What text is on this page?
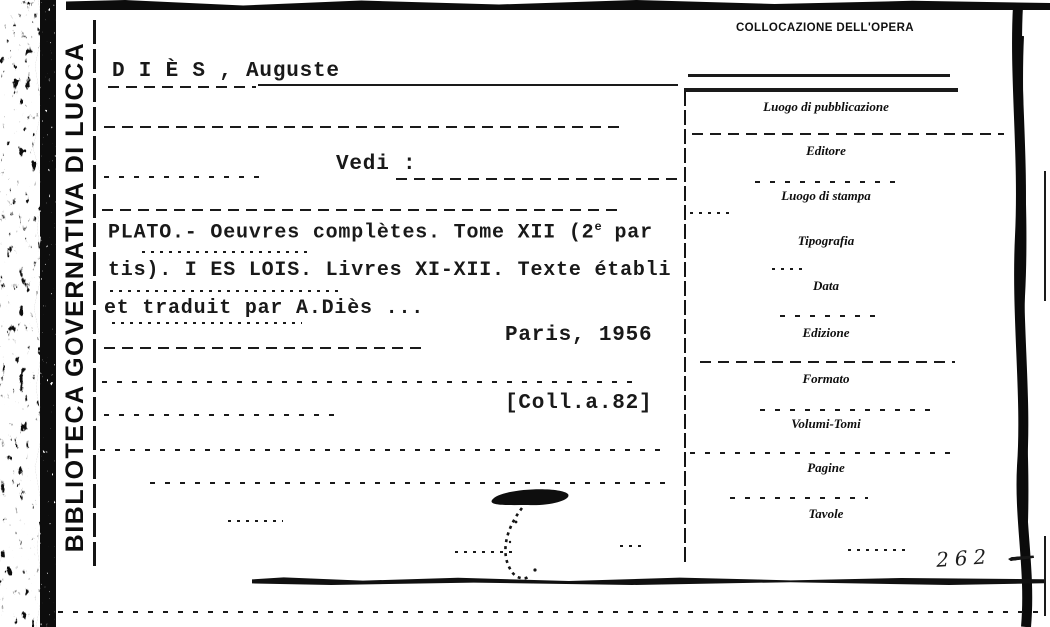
BIBLIOTECA GOVERNATIVA DI LUCCA D I È S , Auguste
Vedi :
PLATO.- Oeuvres complètes. Tome XII (2e par
tis). I ES LOIS. Livres XI-XII. Texte établi
et traduit par A.Diès ...
Paris, 1956
[Coll.a.82]
COLLOCAZIONE DELL'OPERA
Luogo di pubblicazione
Editore
Luogo di stampa
Tipografia
Data
Edizione
Formato
Volumi-Tomi
Pagine
Tavole
262
